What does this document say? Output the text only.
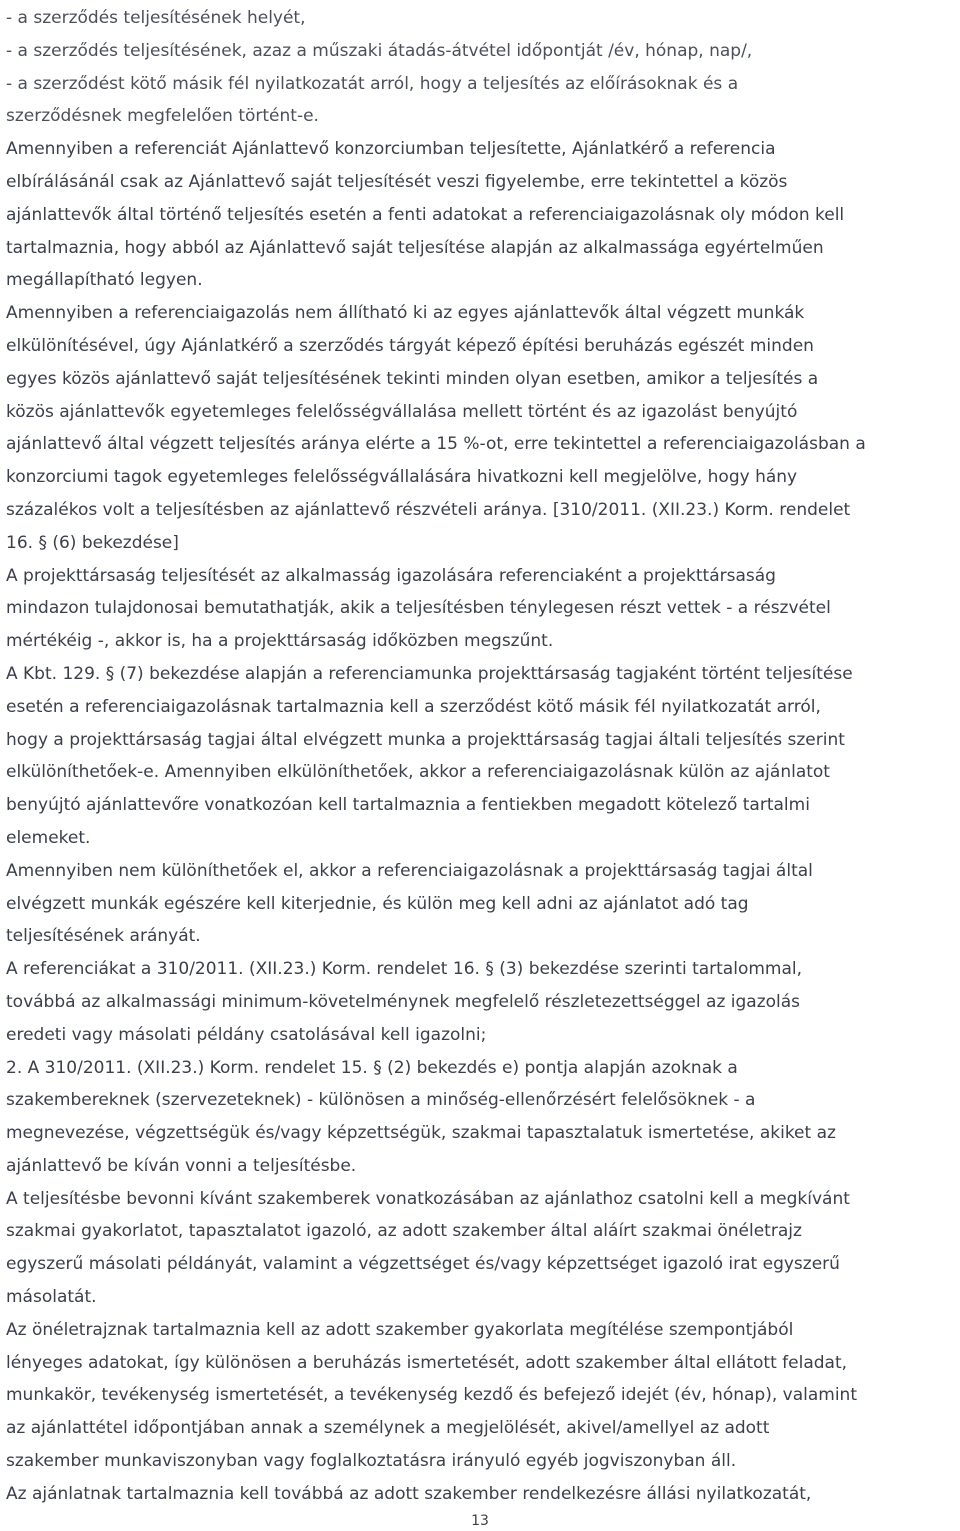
- a szerződés teljesítésének helyét,
- a szerződés teljesítésének, azaz a műszaki átadás-átvétel időpontját /év, hónap, nap/,
- a szerződést kötő másik fél nyilatkozatát arról, hogy a teljesítés az előírásoknak és a
szerződésnek megfelelően történt-e.
Amennyiben a referenciát Ajánlattevő konzorciumban teljesítette, Ajánlatkérő a referencia
elbírálásánál csak az Ajánlattevő saját teljesítését veszi figyelembe, erre tekintettel a közös
ajánlattevők által történő teljesítés esetén a fenti adatokat a referenciaigazolásnak oly módon kell
tartalmaznia, hogy abból az Ajánlattevő saját teljesítése alapján az alkalmassága egyértelműen
megállapítható legyen.
Amennyiben a referenciaigazolás nem állítható ki az egyes ajánlattevők által végzett munkák
elkülönítésével, úgy Ajánlatkérő a szerződés tárgyát képező építési beruházás egészét minden
egyes közös ajánlattevő saját teljesítésének tekinti minden olyan esetben, amikor a teljesítés a
közös ajánlattevők egyetemleges felelősségvállalása mellett történt és az igazolást benyújtó
ajánlattevő által végzett teljesítés aránya elérte a 15 %-ot, erre tekintettel a referenciaigazolásban a
konzorciumi tagok egyetemleges felelősségvállalására hivatkozni kell megjelölve, hogy hány
százalékos volt a teljesítésben az ajánlattevő részvételi aránya. [310/2011. (XII.23.) Korm. rendelet
16. § (6) bekezdése]
A projekttársaság teljesítését az alkalmasság igazolására referenciaként a projekttársaság
mindazon tulajdonosai bemutathatják, akik a teljesítésben ténylegesen részt vettek - a részvétel
mértékéig -, akkor is, ha a projekttársaság időközben megszűnt.
A Kbt. 129. § (7) bekezdése alapján a referenciamunka projekttársaság tagjaként történt teljesítése
esetén a referenciaigazolásnak tartalmaznia kell a szerződést kötő másik fél nyilatkozatát arról,
hogy a projekttársaság tagjai által elvégzett munka a projekttársaság tagjai általi teljesítés szerint
elkülöníthetőek-e. Amennyiben elkülöníthetőek, akkor a referenciaigazolásnak külön az ajánlatot
benyújtó ajánlattevőre vonatkozóan kell tartalmaznia a fentiekben megadott kötelező tartalmi
elemeket.
Amennyiben nem különíthetőek el, akkor a referenciaigazolásnak a projekttársaság tagjai által
elvégzett munkák egészére kell kiterjednie, és külön meg kell adni az ajánlatot adó tag
teljesítésének arányát.
A referenciákat a 310/2011. (XII.23.) Korm. rendelet 16. § (3) bekezdése szerinti tartalommal,
továbbá az alkalmassági minimum-követelménynek megfelelő részletezettséggel az igazolás
eredeti vagy másolati példány csatolásával kell igazolni;
2. A 310/2011. (XII.23.) Korm. rendelet 15. § (2) bekezdés e) pontja alapján azoknak a
szakembereknek (szervezeteknek) - különösen a minőség-ellenőrzésért felelősöknek - a
megnevezése, végzettségük és/vagy képzettségük, szakmai tapasztalatuk ismertetése, akiket az
ajánlattevő be kíván vonni a teljesítésbe.
A teljesítésbe bevonni kívánt szakemberek vonatkozásában az ajánlathoz csatolni kell a megkívánt
szakmai gyakorlatot, tapasztalatot igazoló, az adott szakember által aláírt szakmai önéletrajz
egyszerű másolati példányát, valamint a végzettséget és/vagy képzettséget igazoló irat egyszerű
másolatát.
Az önéletrajznak tartalmaznia kell az adott szakember gyakorlata megítélése szempontjából
lényeges adatokat, így különösen a beruházás ismertetését, adott szakember által ellátott feladat,
munkakör, tevékenység ismertetését, a tevékenység kezdő és befejező idejét (év, hónap), valamint
az ajánlattétel időpontjában annak a személynek a megjelölését, akivel/amellyel az adott
szakember munkaviszonyban vagy foglalkoztatásra irányuló egyéb jogviszonyban áll.
Az ajánlatnak tartalmaznia kell továbbá az adott szakember rendelkezésre állási nyilatkozatát,
13
